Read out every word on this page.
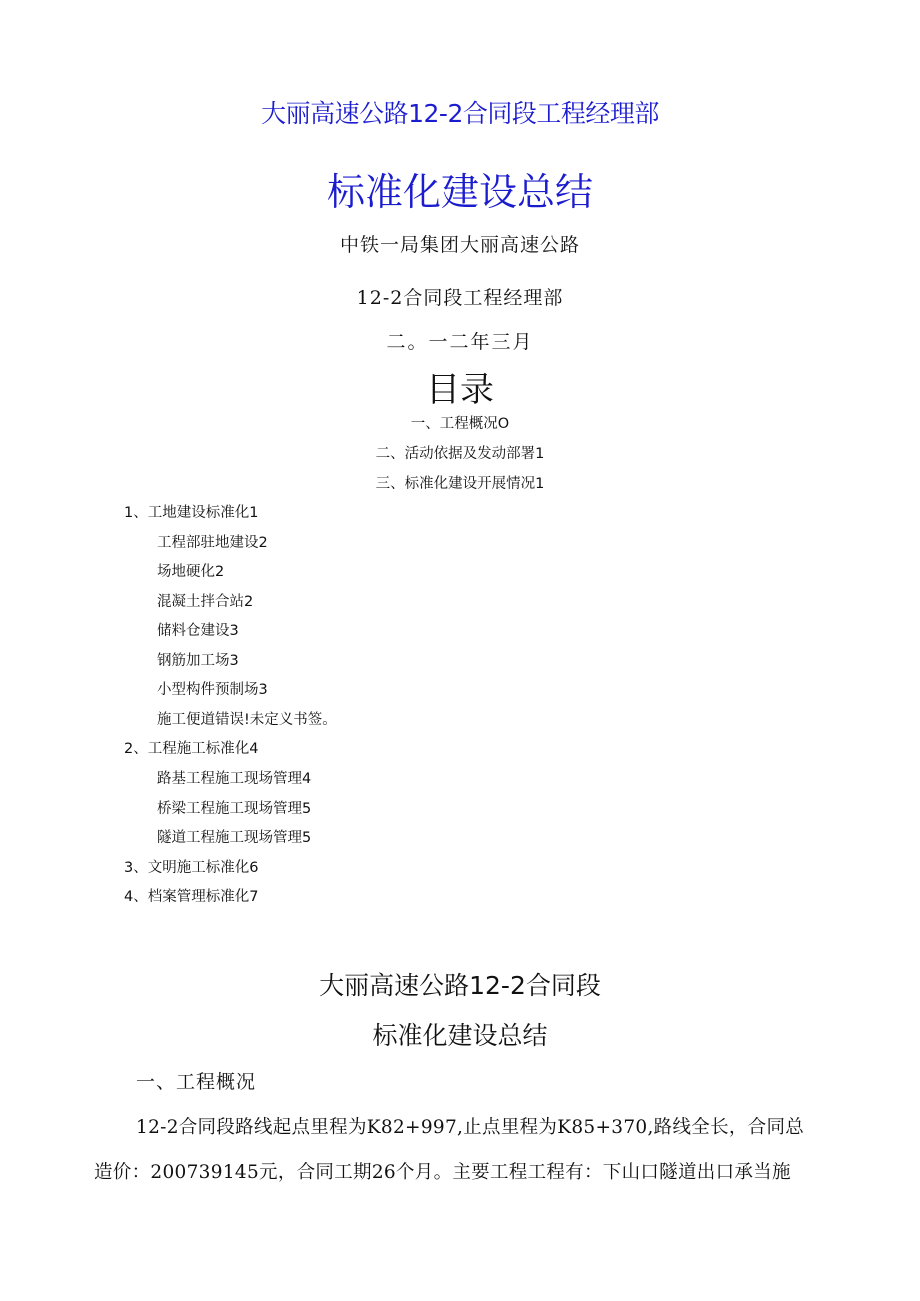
大丽高速公路12-2合同段工程经理部
标准化建设总结
中铁一局集团大丽高速公路
12-2合同段工程经理部
二。一二年三月
目录
一、工程概况O
二、活动依据及发动部署1
三、标准化建设开展情况1
1、工地建设标准化1
工程部驻地建设2
场地硬化2
混凝土拌合站2
储料仓建设3
钢筋加工场3
小型构件预制场3
施工便道错误!未定义书签。
2、工程施工标准化4
路基工程施工现场管理4
桥梁工程施工现场管理5
隧道工程施工现场管理5
3、文明施工标准化6
4、档案管理标准化7
大丽高速公路12-2合同段
标准化建设总结
一、工程概况
12-2合同段路线起点里程为K82+997,止点里程为K85+370,路线全长，合同总
造价：200739145元，合同工期26个月。主要工程工程有：下山口隧道出口承当施
